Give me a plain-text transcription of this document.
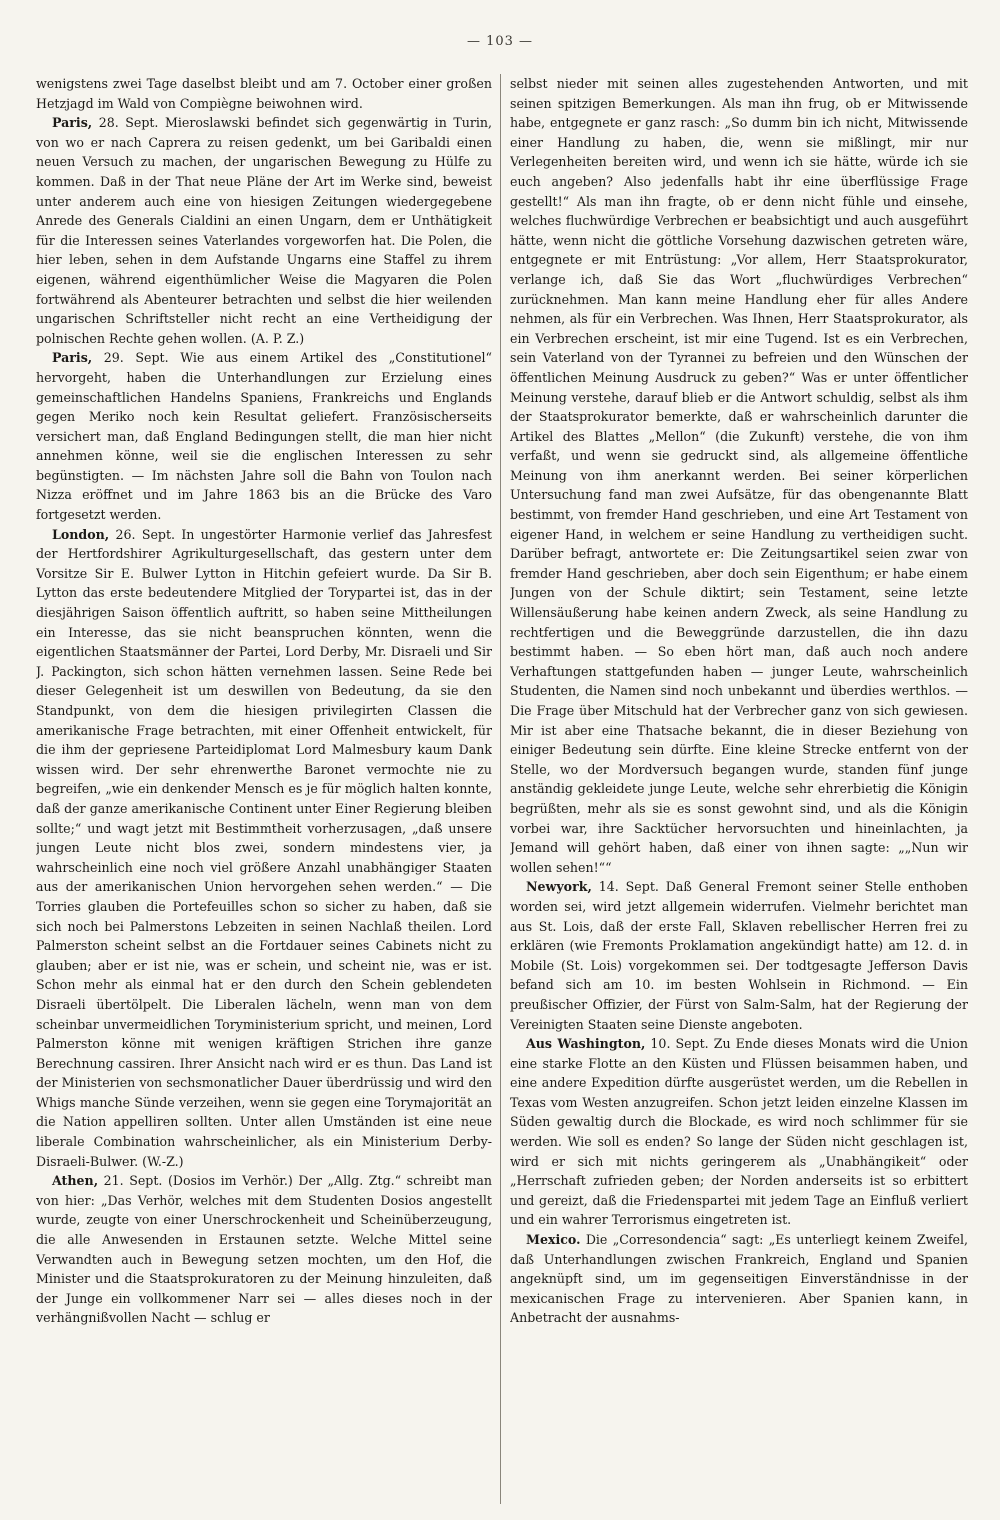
— 103 —

wenigstens zwei Tage daselbst bleibt und am 7. October einer großen Hetzjagd im Wald von Compiègne beiwohnen wird.

Paris, 28. Sept. Mieroslawski befindet sich gegenwärtig in Turin, von wo er nach Caprera zu reisen gedenkt, um bei Garibaldi einen neuen Versuch zu machen, der ungarischen Bewegung zu Hülfe zu kommen. Daß in der That neue Pläne der Art im Werke sind, beweist unter anderem auch eine von hiesigen Zeitungen wiedergegebene Anrede des Generals Cialdini an einen Ungarn, dem er Unthätigkeit für die Interessen seines Vaterlandes vorgeworfen hat. Die Polen, die hier leben, sehen in dem Aufstande Ungarns eine Staffel zu ihrem eigenen, während eigenthümlicher Weise die Magyaren die Polen fortwährend als Abenteurer betrachten und selbst die hier weilenden ungarischen Schriftsteller nicht recht an eine Vertheidigung der polnischen Rechte gehen wollen. (A. P. Z.)

Paris, 29. Sept. Wie aus einem Artikel des „Constitutionel“ hervorgeht, haben die Unterhandlungen zur Erzielung eines gemeinschaftlichen Handelns Spaniens, Frankreichs und Englands gegen Meriko noch kein Resultat geliefert. Französischerseits versichert man, daß England Bedingungen stellt, die man hier nicht annehmen könne, weil sie die englischen Interessen zu sehr begünstigten. — Im nächsten Jahre soll die Bahn von Toulon nach Nizza eröffnet und im Jahre 1863 bis an die Brücke des Varo fortgesetzt werden.

London, 26. Sept. In ungestörter Harmonie verlief das Jahresfest der Hertfordshirer Agrikulturgesellschaft, das gestern unter dem Vorsitze Sir E. Bulwer Lytton in Hitchin gefeiert wurde. Da Sir B. Lytton das erste bedeutendere Mitglied der Torypartei ist, das in der diesjährigen Saison öffentlich auftritt, so haben seine Mittheilungen ein Interesse, das sie nicht beanspruchen könnten, wenn die eigentlichen Staatsmänner der Partei, Lord Derby, Mr. Disraeli und Sir J. Packington, sich schon hätten vernehmen lassen. Seine Rede bei dieser Gelegenheit ist um deswillen von Bedeutung, da sie den Standpunkt, von dem die hiesigen privilegirten Classen die amerikanische Frage betrachten, mit einer Offenheit entwickelt, für die ihm der gepriesene Parteidiplomat Lord Malmesbury kaum Dank wissen wird. Der sehr ehrenwerthe Baronet vermochte nie zu begreifen, „wie ein denkender Mensch es je für möglich halten konnte, daß der ganze amerikanische Continent unter Einer Regierung bleiben sollte;“ und wagt jetzt mit Bestimmtheit vorherzusagen, „daß unsere jungen Leute nicht blos zwei, sondern mindestens vier, ja wahrscheinlich eine noch viel größere Anzahl unabhängiger Staaten aus der amerikanischen Union hervorgehen sehen werden.“ — Die Torries glauben die Portefeuilles schon so sicher zu haben, daß sie sich noch bei Palmerstons Lebzeiten in seinen Nachlaß theilen. Lord Palmerston scheint selbst an die Fortdauer seines Cabinets nicht zu glauben; aber er ist nie, was er schein, und scheint nie, was er ist. Schon mehr als einmal hat er den durch den Schein geblendeten Disraeli übertölpelt. Die Liberalen lächeln, wenn man von dem scheinbar unvermeidlichen Toryministerium spricht, und meinen, Lord Palmerston könne mit wenigen kräftigen Strichen ihre ganze Berechnung cassiren. Ihrer Ansicht nach wird er es thun. Das Land ist der Ministerien von sechsmonatlicher Dauer überdrüssig und wird den Whigs manche Sünde verzeihen, wenn sie gegen eine Torymajorität an die Nation appelliren sollten. Unter allen Umständen ist eine neue liberale Combination wahrscheinlicher, als ein Ministerium Derby-Disraeli-Bulwer. (W.-Z.)

Athen, 21. Sept. (Dosios im Verhör.) Der „Allg. Ztg.“ schreibt man von hier: „Das Verhör, welches mit dem Studenten Dosios angestellt wurde, zeugte von einer Unerschrockenheit und Scheinüberzeugung, die alle Anwesenden in Erstaunen setzte. Welche Mittel seine Verwandten auch in Bewegung setzen mochten, um den Hof, die Minister und die Staatsprokuratoren zu der Meinung hinzuleiten, daß der Junge ein vollkommener Narr sei — alles dieses noch in der verhängnißvollen Nacht — schlug er

selbst nieder mit seinen alles zugestehenden Antworten, und mit seinen spitzigen Bemerkungen. Als man ihn frug, ob er Mitwissende habe, entgegnete er ganz rasch: „So dumm bin ich nicht, Mitwissende einer Handlung zu haben, die, wenn sie mißlingt, mir nur Verlegenheiten bereiten wird, und wenn ich sie hätte, würde ich sie euch angeben? Also jedenfalls habt ihr eine überflüssige Frage gestellt!“ Als man ihn fragte, ob er denn nicht fühle und einsehe, welches fluchwürdige Verbrechen er beabsichtigt und auch ausgeführt hätte, wenn nicht die göttliche Vorsehung dazwischen getreten wäre, entgegnete er mit Entrüstung: „Vor allem, Herr Staatsprokurator, verlange ich, daß Sie das Wort „fluchwürdiges Verbrechen“ zurücknehmen. Man kann meine Handlung eher für alles Andere nehmen, als für ein Verbrechen. Was Ihnen, Herr Staatsprokurator, als ein Verbrechen erscheint, ist mir eine Tugend. Ist es ein Verbrechen, sein Vaterland von der Tyrannei zu befreien und den Wünschen der öffentlichen Meinung Ausdruck zu geben?“ Was er unter öffentlicher Meinung verstehe, darauf blieb er die Antwort schuldig, selbst als ihm der Staatsprokurator bemerkte, daß er wahrscheinlich darunter die Artikel des Blattes „Mellon“ (die Zukunft) verstehe, die von ihm verfaßt, und wenn sie gedruckt sind, als allgemeine öffentliche Meinung von ihm anerkannt werden. Bei seiner körperlichen Untersuchung fand man zwei Aufsätze, für das obengenannte Blatt bestimmt, von fremder Hand geschrieben, und eine Art Testament von eigener Hand, in welchem er seine Handlung zu vertheidigen sucht. Darüber befragt, antwortete er: Die Zeitungsartikel seien zwar von fremder Hand geschrieben, aber doch sein Eigenthum; er habe einem Jungen von der Schule diktirt; sein Testament, seine letzte Willensäußerung habe keinen andern Zweck, als seine Handlung zu rechtfertigen und die Beweggründe darzustellen, die ihn dazu bestimmt haben. — So eben hört man, daß auch noch andere Verhaftungen stattgefunden haben — junger Leute, wahrscheinlich Studenten, die Namen sind noch unbekannt und überdies werthlos. — Die Frage über Mitschuld hat der Verbrecher ganz von sich gewiesen. Mir ist aber eine Thatsache bekannt, die in dieser Beziehung von einiger Bedeutung sein dürfte. Eine kleine Strecke entfernt von der Stelle, wo der Mordversuch begangen wurde, standen fünf junge anständig gekleidete junge Leute, welche sehr ehrerbietig die Königin begrüßten, mehr als sie es sonst gewohnt sind, und als die Königin vorbei war, ihre Sacktücher hervorsuchten und hineinlachten, ja Jemand will gehört haben, daß einer von ihnen sagte: „„Nun wir wollen sehen!““

Newyork, 14. Sept. Daß General Fremont seiner Stelle enthoben worden sei, wird jetzt allgemein widerrufen. Vielmehr berichtet man aus St. Lois, daß der erste Fall, Sklaven rebellischer Herren frei zu erklären (wie Fremonts Proklamation angekündigt hatte) am 12. d. in Mobile (St. Lois) vorgekommen sei. Der todtgesagte Jefferson Davis befand sich am 10. im besten Wohlsein in Richmond. — Ein preußischer Offizier, der Fürst von Salm-Salm, hat der Regierung der Vereinigten Staaten seine Dienste angeboten.

Aus Washington, 10. Sept. Zu Ende dieses Monats wird die Union eine starke Flotte an den Küsten und Flüssen beisammen haben, und eine andere Expedition dürfte ausgerüstet werden, um die Rebellen in Texas vom Westen anzugreifen. Schon jetzt leiden einzelne Klassen im Süden gewaltig durch die Blockade, es wird noch schlimmer für sie werden. Wie soll es enden? So lange der Süden nicht geschlagen ist, wird er sich mit nichts geringerem als „Unabhängikeit“ oder „Herrschaft zufrieden geben; der Norden anderseits ist so erbittert und gereizt, daß die Friedenspartei mit jedem Tage an Einfluß verliert und ein wahrer Terrorismus eingetreten ist.

Mexico. Die „Corresondencia“ sagt: „Es unterliegt keinem Zweifel, daß Unterhandlungen zwischen Frankreich, England und Spanien angeknüpft sind, um im gegenseitigen Einverständnisse in der mexicanischen Frage zu intervenieren. Aber Spanien kann, in Anbetracht der ausnahms-
